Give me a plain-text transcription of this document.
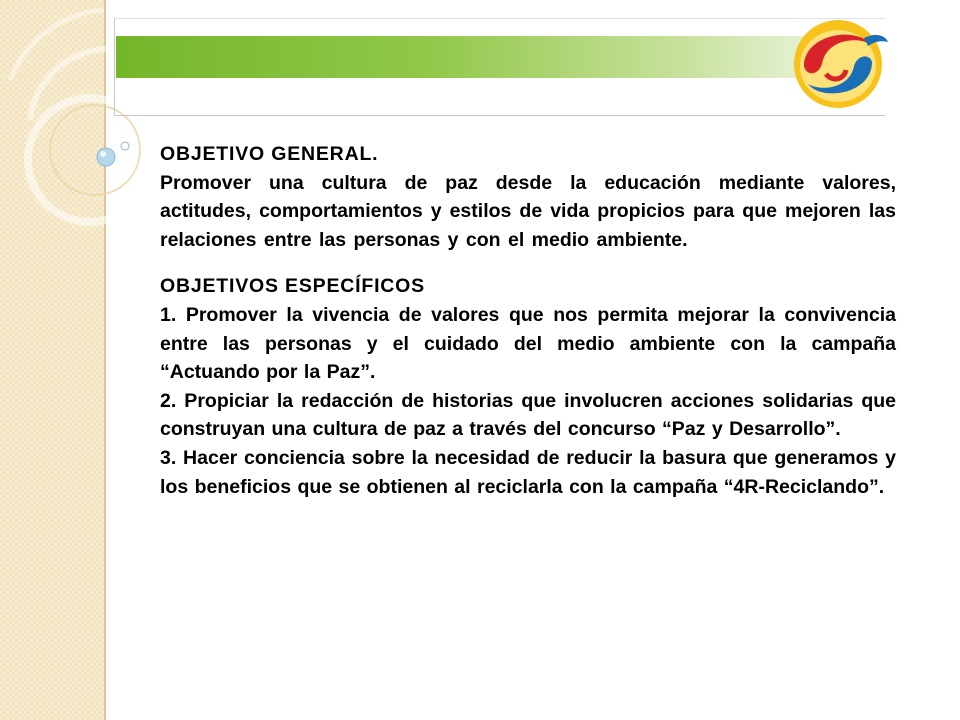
OBJETIVO GENERAL.

Promover una cultura de paz desde la educación mediante valores, actitudes, comportamientos y estilos de vida propicios para que mejoren las relaciones entre las personas y con el medio ambiente.

OBJETIVOS ESPECÍFICOS

1. Promover la vivencia de valores que nos permita mejorar la convivencia entre las personas y el cuidado del medio ambiente con la campaña “Actuando por la Paz”.

2. Propiciar la redacción de historias que involucren acciones solidarias que construyan una cultura de paz a través del concurso “Paz y Desarrollo”.

3. Hacer conciencia sobre la necesidad de reducir la basura que generamos y los beneficios que se obtienen al reciclarla con la campaña “4R-Reciclando”.
